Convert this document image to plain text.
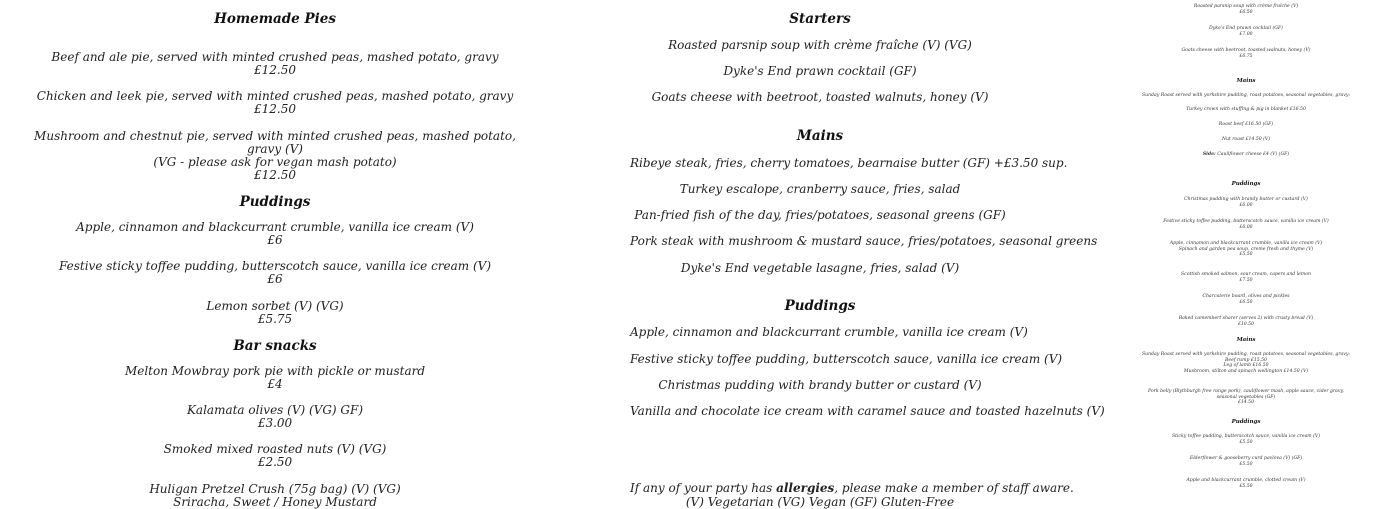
Homemade Pies
Beef and ale pie, served with minted crushed peas, mashed potato, gravy
£12.50
Chicken and leek pie, served with minted crushed peas, mashed potato, gravy
£12.50
Mushroom and chestnut pie, served with minted crushed peas, mashed potato, gravy (V)
(VG - please ask for vegan mash potato)
£12.50
Puddings
Apple, cinnamon and blackcurrant crumble, vanilla ice cream (V)
£6
Festive sticky toffee pudding, butterscotch sauce, vanilla ice cream (V)
£6
Lemon sorbet (V) (VG)
£5.75
Bar snacks
Melton Mowbray pork pie with pickle or mustard
£4
Kalamata olives (V) (VG) GF)
£3.00
Smoked mixed roasted nuts (V) (VG)
£2.50
Huligan Pretzel Crush (75g bag) (V) (VG)
Sriracha, Sweet / Honey Mustard
Starters
Roasted parsnip soup with crème fraîche (V) (VG)
Dyke's End prawn cocktail (GF)
Goats cheese with beetroot, toasted walnuts, honey (V)
Mains
Ribeye steak, fries, cherry tomatoes, bearnaise butter (GF) +£3.50 sup.
Turkey escalope, cranberry sauce, fries, salad
Pan-fried fish of the day, fries/potatoes, seasonal greens (GF)
Pork steak with mushroom & mustard sauce, fries/potatoes, seasonal greens
Dyke's End vegetable lasagne, fries, salad (V)
Puddings
Apple, cinnamon and blackcurrant crumble, vanilla ice cream (V)
Festive sticky toffee pudding, butterscotch sauce, vanilla ice cream (V)
Christmas pudding with brandy butter or custard (V)
Vanilla and chocolate ice cream with caramel sauce and toasted hazelnuts (V)
If any of your party has allergies, please make a member of staff aware.
(V) Vegetarian (VG) Vegan (GF) Gluten-Free
Roasted parsnip soup with crème fraîche (V)
£6.50
Dyke's End prawn cocktail (GF)
£7.00
Goats cheese with beetroot, toasted walnuts, honey (V)
£6.75
Mains
Sunday Roast served with yorkshire pudding, roast potatoes, seasonal vegetables, gravy:
Turkey crown with stuffing & pig in blanket £16.50
Roast beef £16.50 (GF)
Nut roast £14.50 (V)
Side: Cauliflower cheese £4 (V) (GF)
Puddings
Christmas pudding with brandy butter or custard (V)
£6.00
Festive sticky toffee pudding, butterscotch sauce, vanilla ice cream (V)
£6.00
Apple, cinnamon and blackcurrant crumble, vanilla ice cream (V)
Spinach and garden pea soup, creme fresh and thyme (V)
£5.50
Scottish smoked salmon, sour cream, capers and lemon
£7.50
Charcuterie board, olives and pickles
£6.50
Baked camembert sharer (serves 2) with crusty bread (V)
£10.50
Mains
Sunday Roast served with yorkshire pudding, roast potatoes, seasonal vegetables, gravy:
Beef rump £15.50
Leg of lamb £16.50
Mushroom, stilton and spinach wellington £14.50 (V)
Pork belly (Blythburgh free range pork), cauliflower mash, apple sauce, cider gravy,
seasonal vegetables (GF)
£14.50
Puddings
Sticky toffee pudding, butterscotch sauce, vanilla ice cream (V)
£5.50
Elderflower & gooseberry curd pavlova (V) (GF)
£5.50
Apple and blackcurrant crumble, clotted cream (V)
£5.50
